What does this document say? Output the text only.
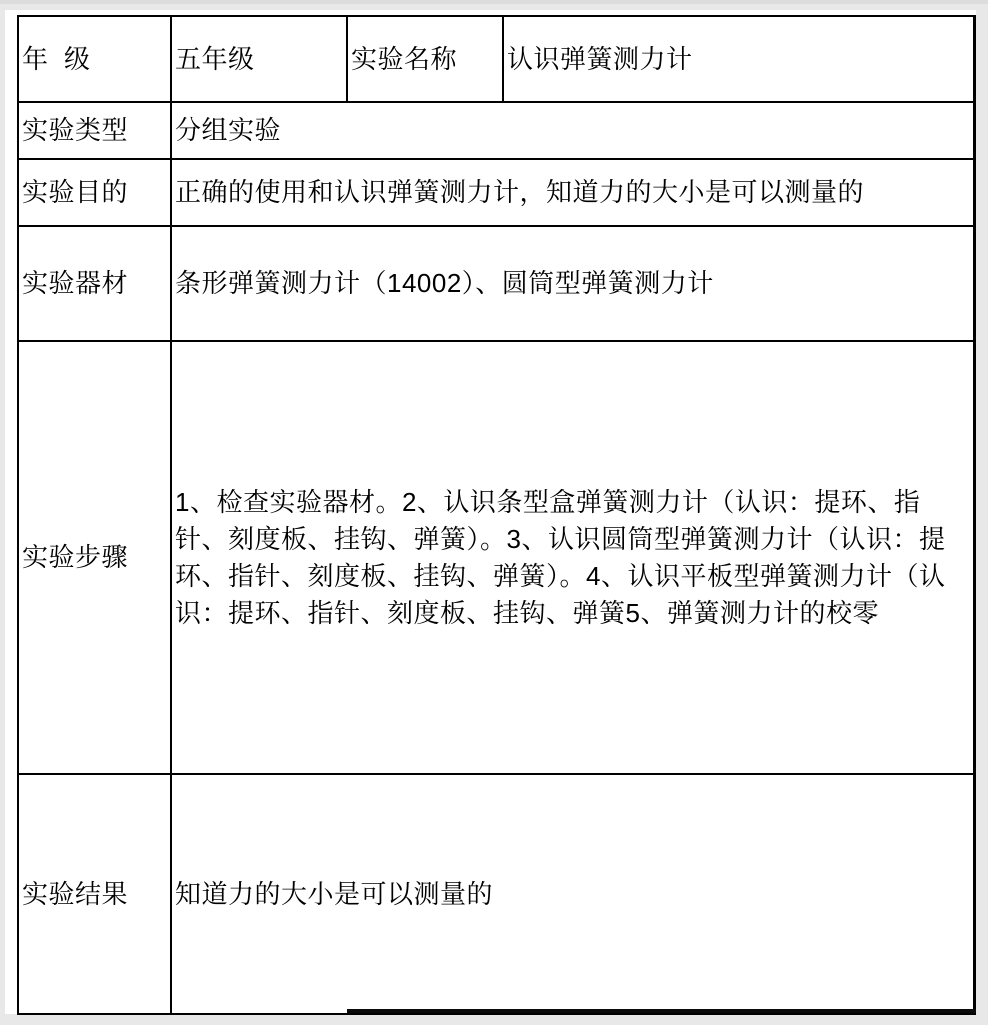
年  级	五年级	实验名称	认识弹簧测力计
实验类型	分组实验		
实验目的	正确的使用和认识弹簧测力计，知道力的大小是可以测量的		
实验器材	条形弹簧测力计（14002）、圆筒型弹簧测力计		
实验步骤	1、检查实验器材。2、认识条型盒弹簧测力计（认识：提环、指针、刻度板、挂钩、弹簧）。3、认识圆筒型弹簧测力计（认识：提环、指针、刻度板、挂钩、弹簧）。4、认识平板型弹簧测力计（认识：提环、指针、刻度板、挂钩、弹簧5、弹簧测力计的校零		
实验结果	知道力的大小是可以测量的		
